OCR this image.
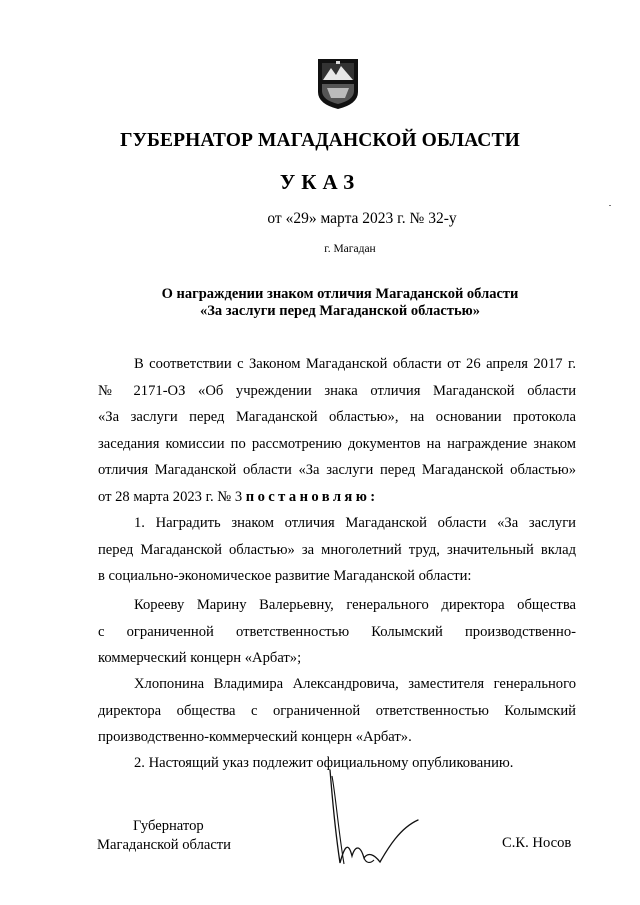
ГУБЕРНАТОР МАГАДАНСКОЙ ОБЛАСТИ
УКАЗ
от «29» марта 2023 г. № 32-у
г. Магадан
О награждении знаком отличия Магаданской области
«За заслуги перед Магаданской областью»
В соответствии с Законом Магаданской области от 26 апреля 2017 г.
№ 2171-ОЗ «Об учреждении знака отличия Магаданской области
«За заслуги перед Магаданской областью», на основании протокола
заседания комиссии по рассмотрению документов на награждение знаком
отличия Магаданской области «За заслуги перед Магаданской областью»
от 28 марта 2023 г. № 3 постановляю:
1. Наградить знаком отличия Магаданской области «За заслуги
перед Магаданской областью» за многолетний труд, значительный вклад
в социально-экономическое развитие Магаданской области:
Корееву Марину Валерьевну, генерального директора общества
с ограниченной ответственностью Колымский производственно-
коммерческий концерн «Арбат»;
Хлопонина Владимира Александровича, заместителя генерального
директора общества с ограниченной ответственностью Колымский
производственно-коммерческий концерн «Арбат».
2. Настоящий указ подлежит официальному опубликованию.
Губернатор
Магаданской области	С.К. Носов
